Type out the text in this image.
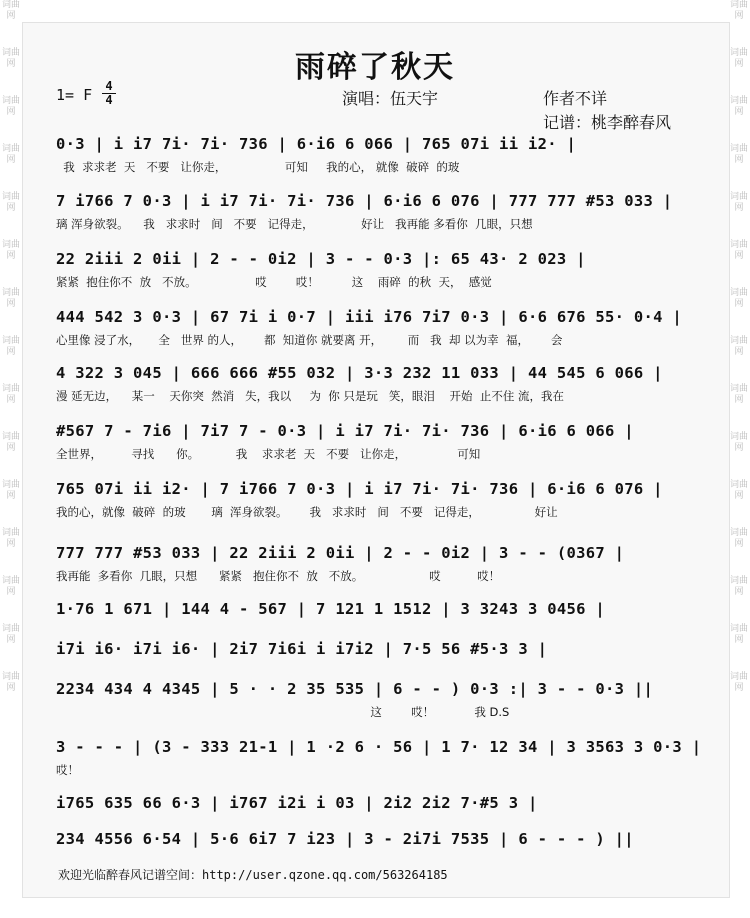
词曲网
词曲网
词曲网
词曲网
词曲网
词曲网
词曲网
词曲网
词曲网
词曲网
词曲网
词曲网
词曲网
词曲网
词曲网
词曲网
词曲网
词曲网
词曲网
词曲网
词曲网
词曲网
词曲网
词曲网
词曲网
词曲网
词曲网
词曲网
词曲网
词曲网
雨碎了秋天
1= F 4
4	演唱：伍天宇	作者不详
记谱：桃李醉春风
0·3 | i i7 7i· 7i· 736 | 6·i6 6 066 | 765 07i ii i2· |
我  求求老  天   不要   让你走，                可知     我的心， 就像  破碎  的玻
7 i766 7 0·3 | i i7 7i· 7i· 736 | 6·i6 6 076 | 777 777 #53 033 |
璃 浑身欲裂。    我   求求时   间   不要   记得走，             好让   我再能 多看你  几眼，只想
22 2iii 2 0ii | 2 - - 0i2 | 3 - - 0·3 |: 65 43· 2 023 |
紧紧  抱住你不  放   不放。                哎        哎！         这    雨碎  的秋  天，  感觉
444 542 3 0·3 | 67 7i i 0·7 | iii i76 7i7 0·3 | 6·6 676 55· 0·4 |
心里像 浸了水，     全   世界 的人，      都  知道你 就要离 开，       而   我  却 以为幸  福，      会
4 322 3 045 | 666 666 #55 032 | 3·3 232 11 033 | 44 545 6 066 |
漫 延无边，    某一    天你突  然消   失，我以     为  你 只是玩   笑，眼泪    开始  止不住 流，我在
#567 7 - 7i6 | 7i7 7 - 0·3 | i i7 7i· 7i· 736 | 6·i6 6 066 |
全世界，        寻找      你。          我    求求老  天   不要   让你走，              可知
765 07i ii i2· | 7 i766 7 0·3 | i i7 7i· 7i· 736 | 6·i6 6 076 |
我的心，就像  破碎  的玻       璃  浑身欲裂。      我   求求时   间   不要   记得走，               好让
777 777 #53 033 | 22 2iii 2 0ii | 2 - - 0i2 | 3 - - (0367 |
我再能  多看你  几眼，只想      紧紧   抱住你不  放   不放。                  哎          哎！
1·76 1 671 | 144 4 - 567 | 7 121 1 1512 | 3 3243 3 0456 |
i7i i6· i7i i6· | 2i7 7i6i i i7i2 | 7·5 56 #5·3 3 |
2234 434 4 4345 | 5 · · 2 35 535 | 6 - - ) 0·3 :| 3 - - 0·3 ||
这        哎！           我 D.S
3 - - - | (3 - 333 21-1 | 1 ·2 6 · 56 | 1 7· 12 34 | 3 3563 3 0·3 |
哎！
i765 635 66 6·3 | i767 i2i i 03 | 2i2 2i2 7·#5 3 |
234 4556 6·54 | 5·6 6i7 7 i23 | 3 - 2i7i 7535 | 6 - - - ) ||
欢迎光临醉春风记谱空间：http://user.qzone.qq.com/563264185
